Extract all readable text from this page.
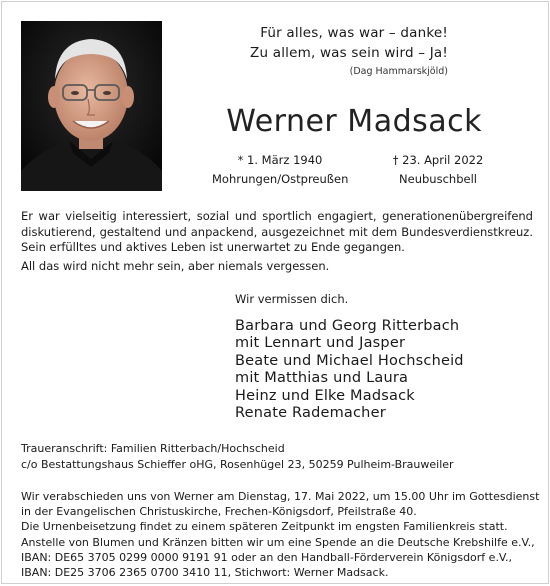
Für alles, was war – danke!
Zu allem, was sein wird – Ja!
(Dag Hammarskjöld)
Werner Madsack
* 1. März 1940
Mohrungen/Ostpreußen
† 23. April 2022
Neubuschbell

Er war vielseitig interessiert, sozial und sportlich engagiert, generationenübergreifend diskutierend, gestaltend und anpackend, ausgezeichnet mit dem Bundesverdienstkreuz. Sein erfülltes und aktives Leben ist unerwartet zu Ende gegangen.

All das wird nicht mehr sein, aber niemals vergessen.

Wir vermissen dich.
Barbara und Georg Ritterbach
mit Lennart und Jasper
Beate und Michael Hochscheid
mit Matthias und Laura
Heinz und Elke Madsack
Renate Rademacher
Traueranschrift: Familien Ritterbach/Hochscheid
c/o Bestattungshaus Schieffer oHG, Rosenhügel 23, 50259 Pulheim-Brauweiler
Wir verabschieden uns von Werner am Dienstag, 17. Mai 2022, um 15.00 Uhr im Gottesdienst
in der Evangelischen Christuskirche, Frechen-Königsdorf, Pfeilstraße 40.
Die Urnenbeisetzung findet zu einem späteren Zeitpunkt im engsten Familienkreis statt.
Anstelle von Blumen und Kränzen bitten wir um eine Spende an die Deutsche Krebshilfe e.V.,
IBAN: DE65 3705 0299 0000 9191 91 oder an den Handball-Förderverein Königsdorf e.V.,
IBAN: DE25 3706 2365 0700 3410 11, Stichwort: Werner Madsack.
